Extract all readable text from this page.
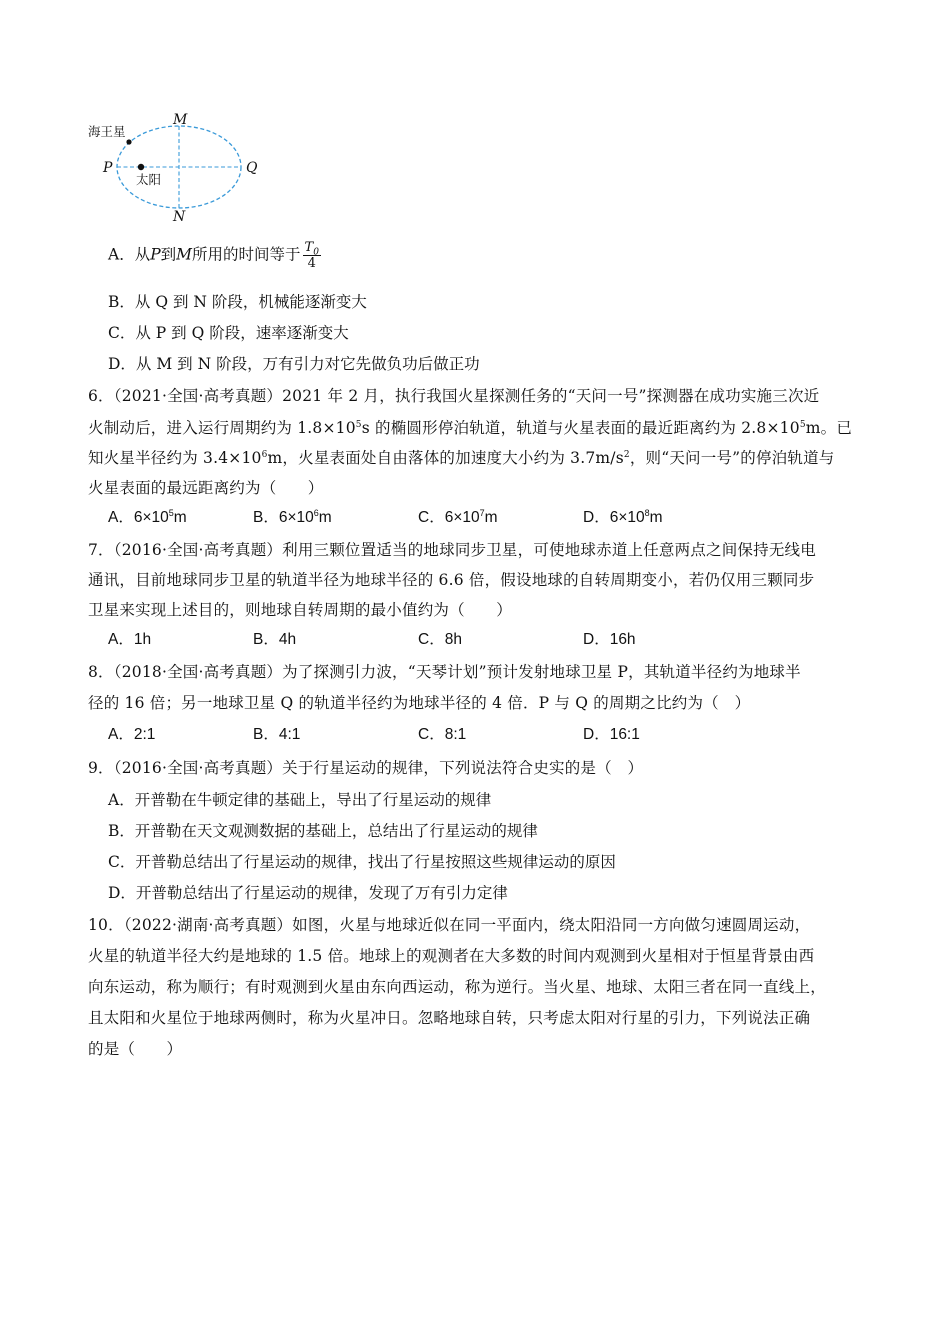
海王星
太阳
P	Q
M
N
A．从P到M所用的时间等于 $\frac{T_0}{4}$
B．从 Q 到 N 阶段，机械能逐渐变大
C．从 P 到 Q 阶段，速率逐渐变大
D．从 M 到 N 阶段，万有引力对它先做负功后做正功
6．（2021·全国·高考真题）2021 年 2 月，执行我国火星探测任务的“天问一号”探测器在成功实施三次近
火制动后，进入运行周期约为 $1.8\times 10^5s$ 的椭圆形停泊轨道，轨道与火星表面的最近距离约为 $2.8\times 10^5m$。已
知火星半径约为 $3.4\times 10^6m$，火星表面处自由落体的加速度大小约为 $3.7m/s^2$，则“天问一号”的停泊轨道与
火星表面的最远距离约为（　　）
A．$6\times 10^5m$	B．$6\times 10^6m$	C．$6\times 10^7m$	D．$6\times 10^8m$
7．（2016·全国·高考真题）利用三颗位置适当的地球同步卫星，可使地球赤道上任意两点之间保持无线电
通讯，目前地球同步卫星的轨道半径为地球半径的 6.6 倍，假设地球的自转周期变小，若仍仅用三颗同步
卫星来实现上述目的，则地球自转周期的最小值约为（　　）
A．1h	B．4h	C．8h	D．16h
8．（2018·全国·高考真题）为了探测引力波，“天琴计划”预计发射地球卫星 P，其轨道半径约为地球半
径的 16 倍；另一地球卫星 Q 的轨道半径约为地球半径的 4 倍．P 与 Q 的周期之比约为（　）
A．2:1	B．4:1	C．8:1	D．16:1
9．（2016·全国·高考真题）关于行星运动的规律，下列说法符合史实的是（　）
A．开普勒在牛顿定律的基础上，导出了行星运动的规律
B．开普勒在天文观测数据的基础上，总结出了行星运动的规律
C．开普勒总结出了行星运动的规律，找出了行星按照这些规律运动的原因
D．开普勒总结出了行星运动的规律，发现了万有引力定律
10．（2022·湖南·高考真题）如图，火星与地球近似在同一平面内，绕太阳沿同一方向做匀速圆周运动，
火星的轨道半径大约是地球的 1.5 倍。地球上的观测者在大多数的时间内观测到火星相对于恒星背景由西
向东运动，称为顺行；有时观测到火星由东向西运动，称为逆行。当火星、地球、太阳三者在同一直线上，
且太阳和火星位于地球两侧时，称为火星冲日。忽略地球自转，只考虑太阳对行星的引力，下列说法正确
的是（　　）
